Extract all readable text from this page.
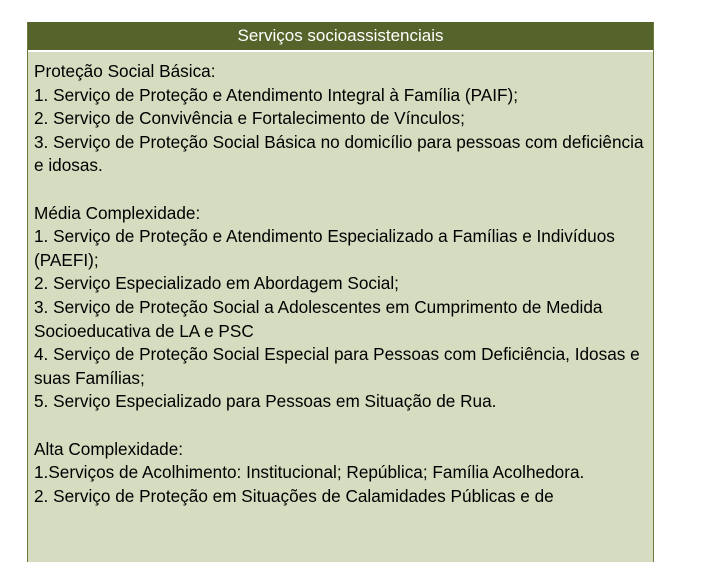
Serviços socioassistenciais
Proteção Social Básica:
1. Serviço de Proteção e Atendimento Integral à Família (PAIF);
2. Serviço de Convivência e Fortalecimento de Vínculos;
3. Serviço de Proteção Social Básica no domicílio para pessoas com deficiência e idosas.
Média Complexidade:
1. Serviço de Proteção e Atendimento Especializado a Famílias e Indivíduos (PAEFI);
2. Serviço Especializado em Abordagem Social;
3. Serviço de Proteção Social a Adolescentes em Cumprimento de Medida Socioeducativa de LA e PSC
4. Serviço de Proteção Social Especial para Pessoas com Deficiência, Idosas e suas Famílias;
5. Serviço Especializado para Pessoas em Situação de Rua.
Alta Complexidade:
1.Serviços de Acolhimento: Institucional; República; Família Acolhedora.
2. Serviço de Proteção em Situações de Calamidades Públicas e de
